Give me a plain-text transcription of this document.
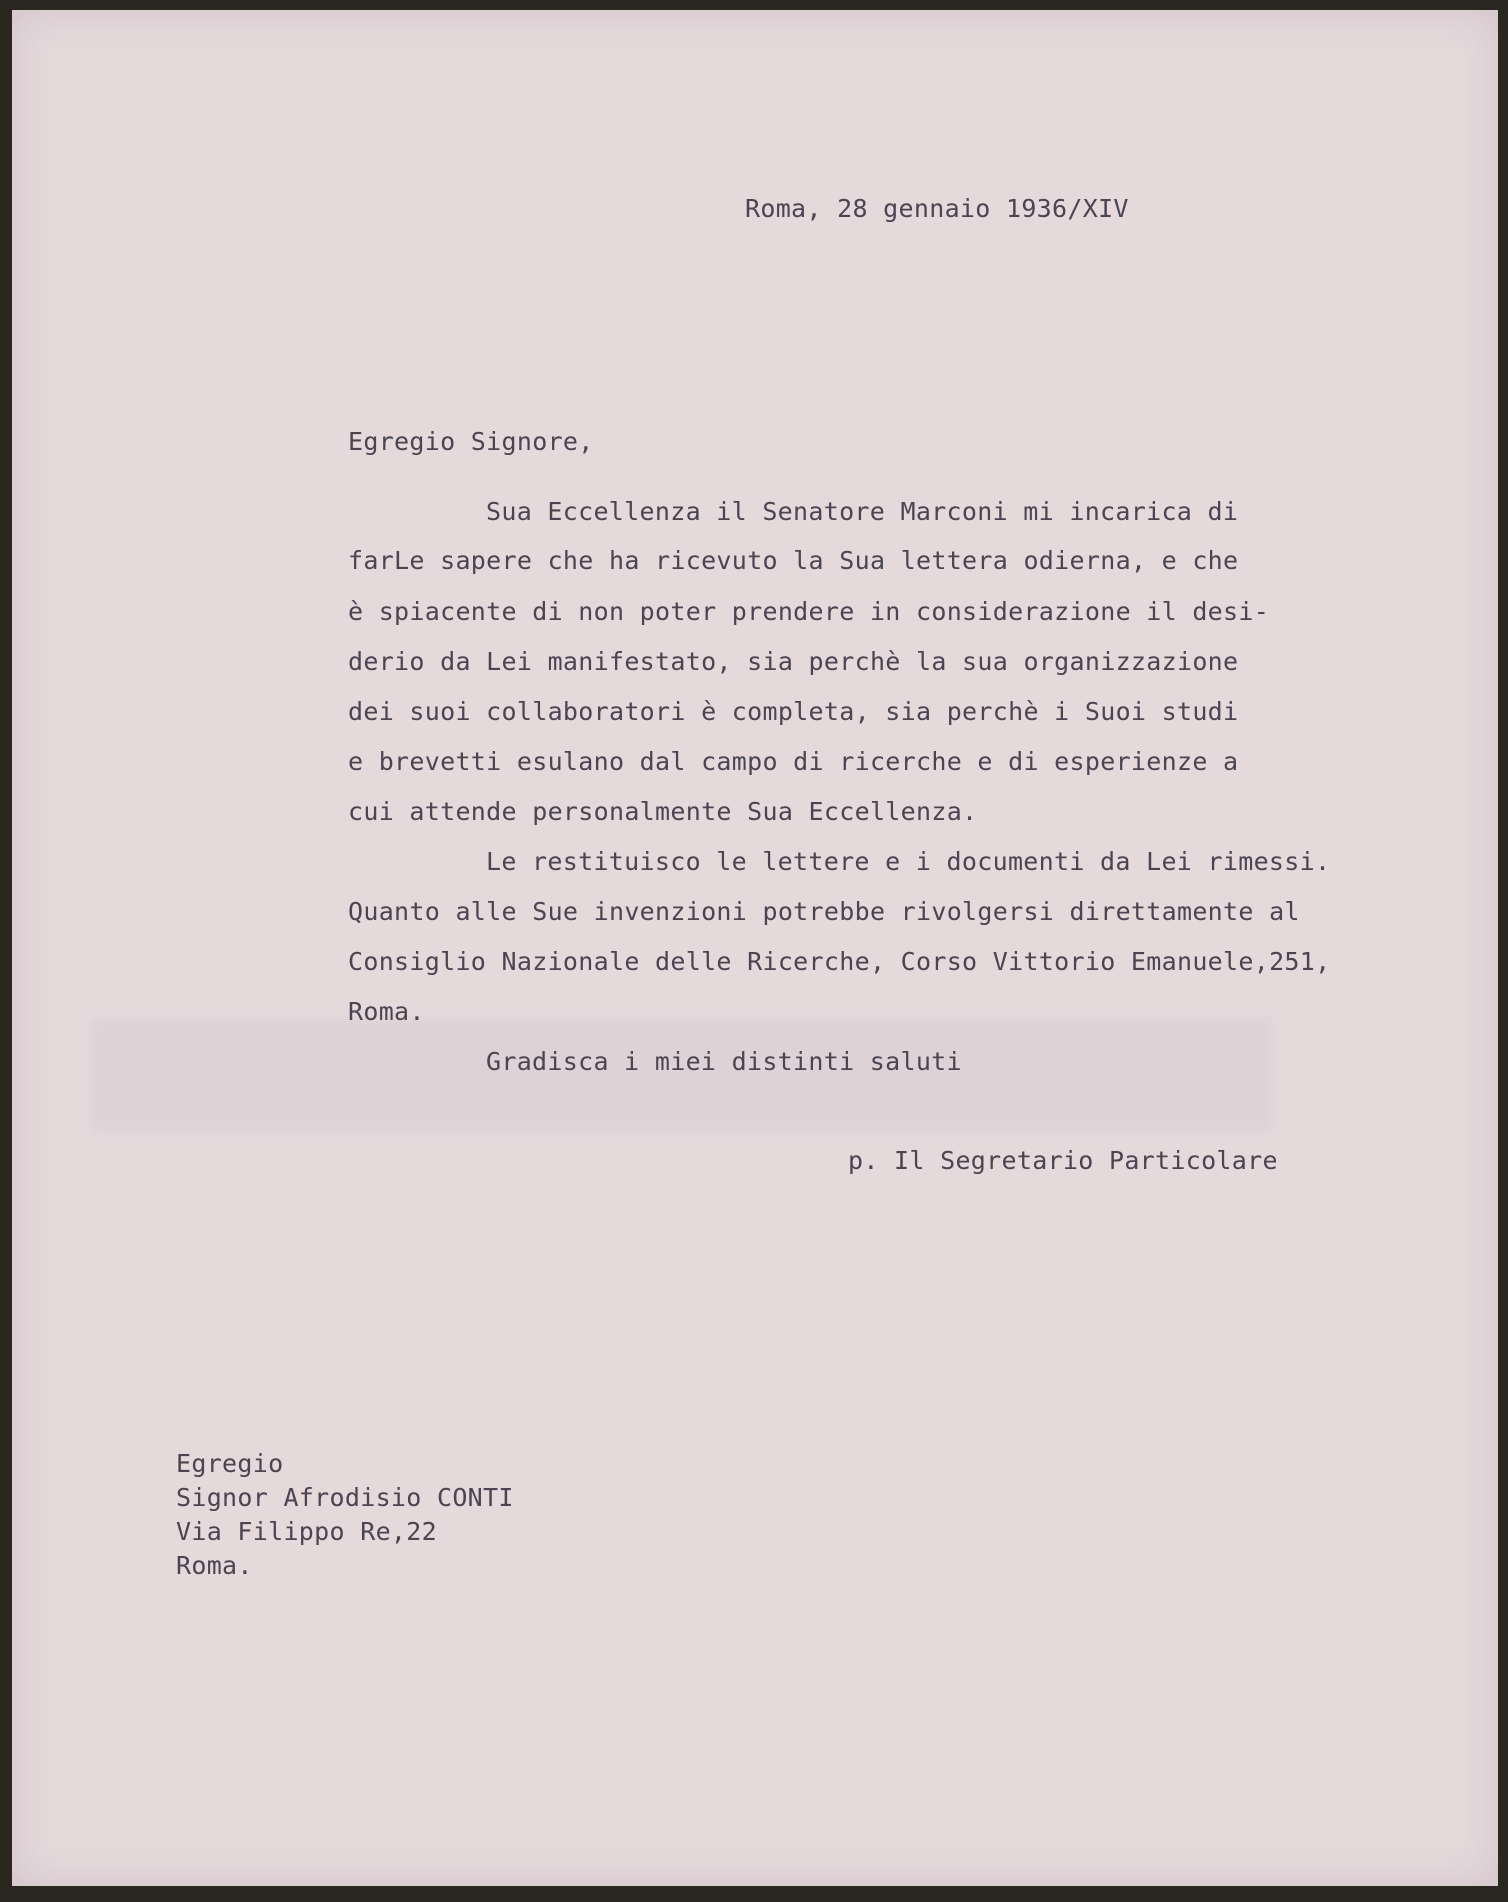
Roma, 28 gennaio 1936/XIV

Egregio Signore,

Sua Eccellenza il Senatore Marconi mi incarica di

farLe sapere che ha ricevuto la Sua lettera odierna, e che

è spiacente di non poter prendere in considerazione il desi-

derio da Lei manifestato, sia perchè la sua organizzazione

dei suoi collaboratori è completa, sia perchè i Suoi studi

e brevetti esulano dal campo di ricerche e di esperienze a

cui attende personalmente Sua Eccellenza.

Le restituisco le lettere e i documenti da Lei rimessi.

Quanto alle Sue invenzioni potrebbe rivolgersi direttamente al

Consiglio Nazionale delle Ricerche, Corso Vittorio Emanuele,251,

Roma.

Gradisca i miei distinti saluti

p. Il Segretario Particolare

Egregio

Signor Afrodisio CONTI

Via Filippo Re,22

Roma.
